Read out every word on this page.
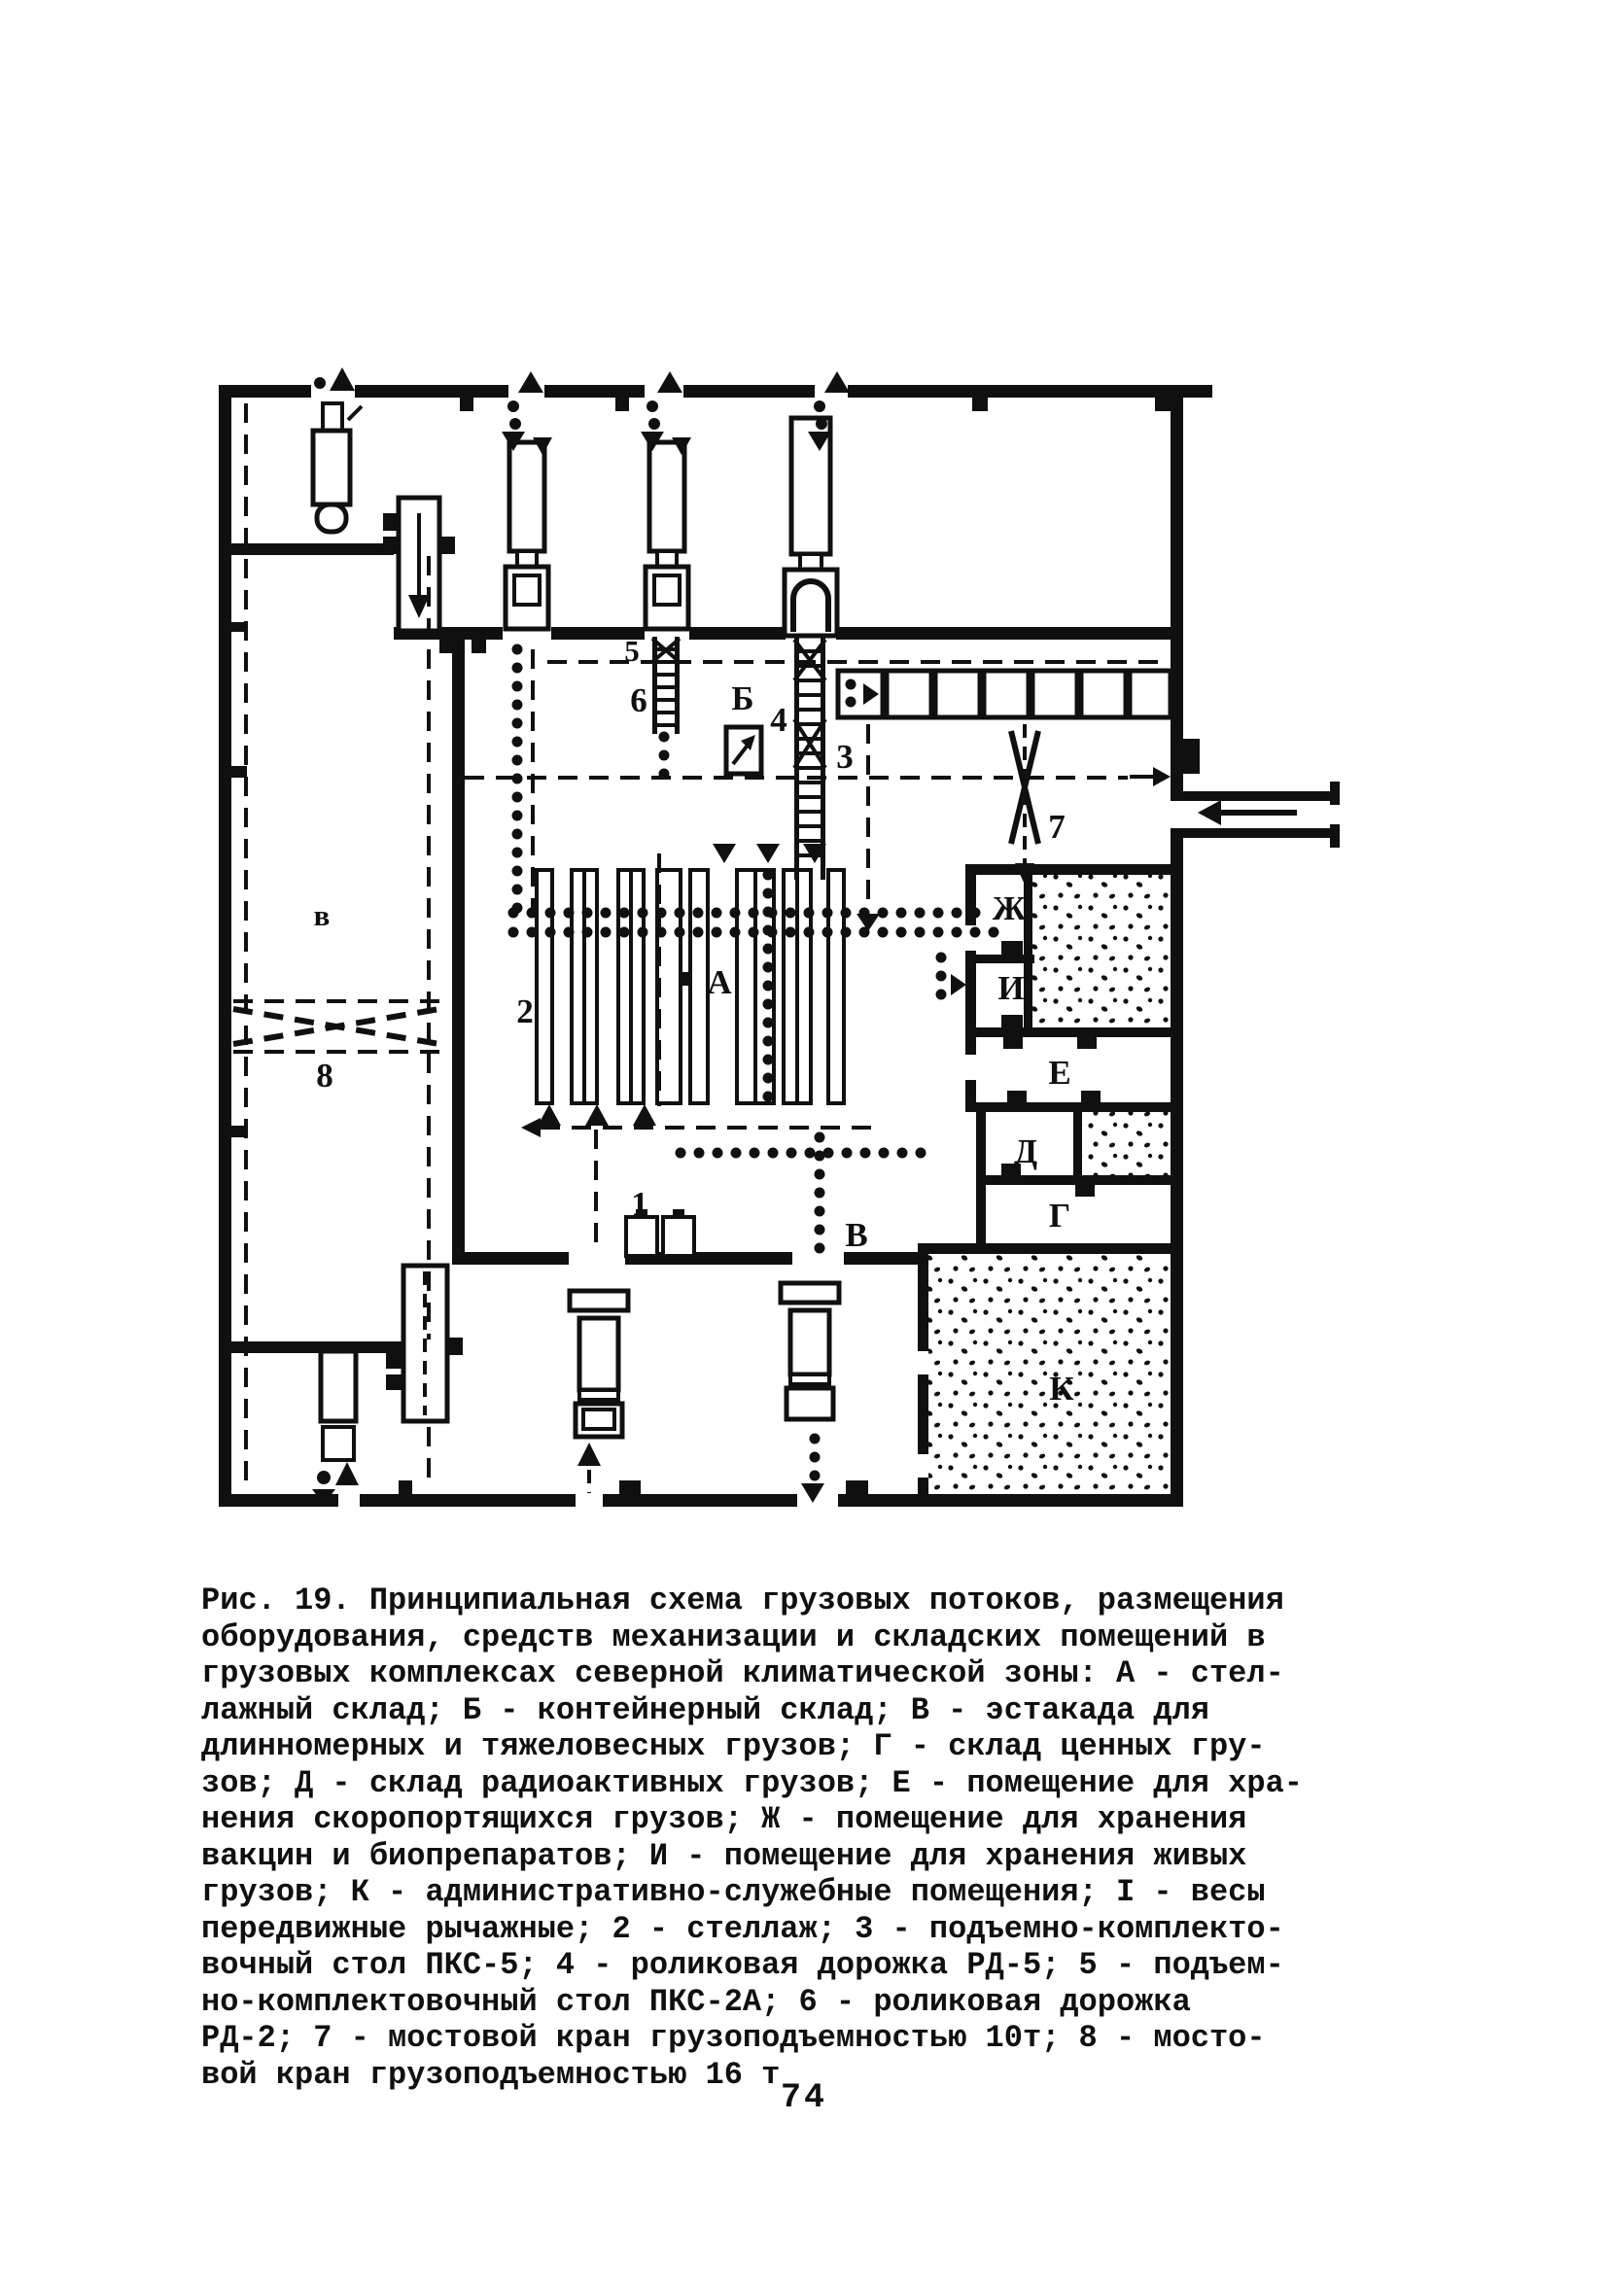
А
Б
В
в
Г
Д
Е
Ж
И
К
1
2
3
4
5
6
7
8
Рис. 19. Принципиальная схема грузовых потоков, размещения
оборудования, средств механизации и складских помещений в
грузовых комплексах северной климатической зоны: А - стел-
лажный склад; Б - контейнерный склад; В - эстакада для
длинномерных и тяжеловесных грузов; Г - склад ценных гру-
зов; Д - склад радиоактивных грузов; Е - помещение для хра-
нения скоропортящихся грузов; Ж - помещение для хранения
вакцин и биопрепаратов; И - помещение для хранения живых
грузов; К - административно-служебные помещения; I - весы
передвижные рычажные; 2 - стеллаж; 3 - подъемно-комплекто-
вочный стол ПКС-5; 4 - роликовая дорожка РД-5; 5 - подъем-
но-комплектовочный стол ПКС-2А; 6 - роликовая дорожка
РД-2; 7 - мостовой кран грузоподъемностью 10т; 8 - мосто-
вой кран грузоподъемностью 16 т
74
